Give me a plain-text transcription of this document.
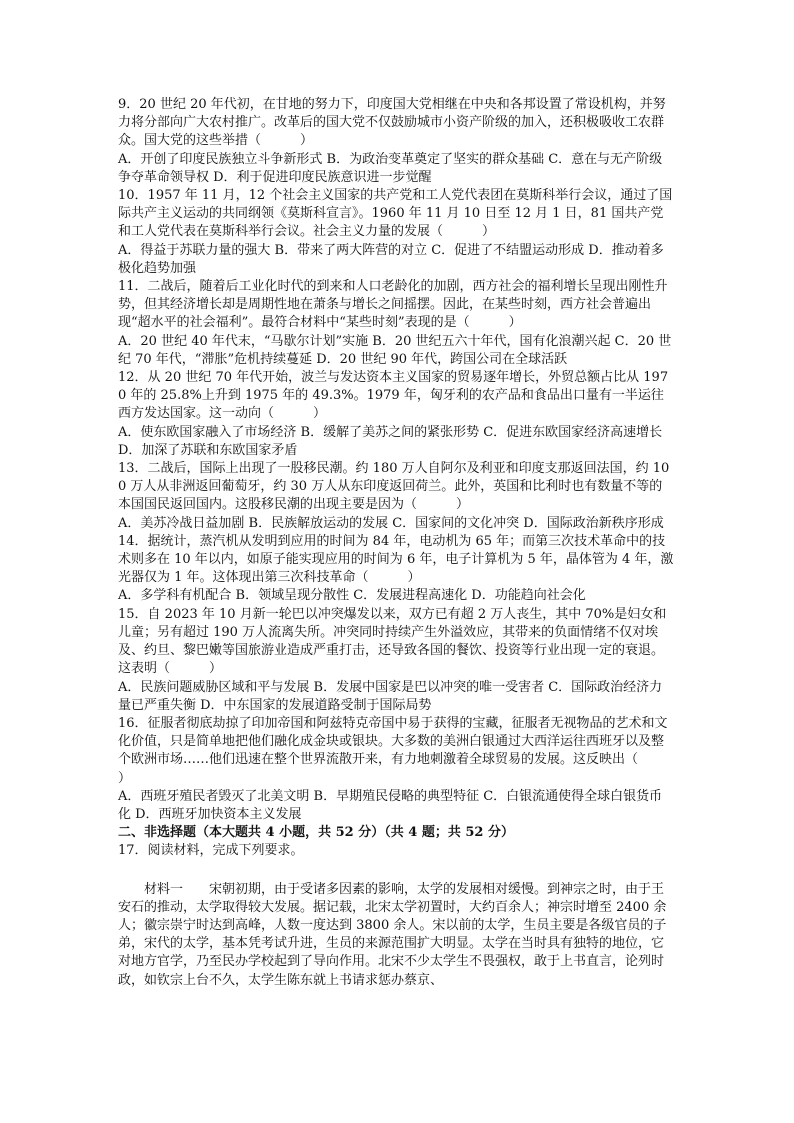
9．20 世纪 20 年代初，在甘地的努力下，印度国大党相继在中央和各邦设置了常设机构，并努力将分部向广大农村推广。改革后的国大党不仅鼓励城市小资产阶级的加入，还积极吸收工农群众。国大党的这些举措（　　　）

A．开创了印度民族独立斗争新形式 B．为政治变革奠定了坚实的群众基础 C．意在与无产阶级争夺革命领导权 D．利于促进印度民族意识进一步觉醒

10．1957 年 11 月，12 个社会主义国家的共产党和工人党代表团在莫斯科举行会议，通过了国际共产主义运动的共同纲领《莫斯科宣言》。1960 年 11 月 10 日至 12 月 1 日，81 国共产党和工人党代表在莫斯科举行会议。社会主义力量的发展（　　　）

A．得益于苏联力量的强大 B．带来了两大阵营的对立 C．促进了不结盟运动形成 D．推动着多极化趋势加强

11．二战后，随着后工业化时代的到来和人口老龄化的加剧，西方社会的福利增长呈现出刚性升势，但其经济增长却是周期性地在萧条与增长之间摇摆。因此，在某些时刻，西方社会普遍出现“超水平的社会福利”。最符合材料中“某些时刻”表现的是（　　　）

A．20 世纪 40 年代末，“马歇尔计划”实施 B．20 世纪五六十年代，国有化浪潮兴起 C．20 世纪 70 年代，“滞胀”危机持续蔓延 D．20 世纪 90 年代，跨国公司在全球活跃

12．从 20 世纪 70 年代开始，波兰与发达资本主义国家的贸易逐年增长，外贸总额占比从 1970 年的 25.8%上升到 1975 年的 49.3%。1979 年，匈牙利的农产品和食品出口量有一半运往西方发达国家。这一动向（　　　）

A．使东欧国家融入了市场经济 B．缓解了美苏之间的紧张形势 C．促进东欧国家经济高速增长 D．加深了苏联和东欧国家矛盾

13．二战后，国际上出现了一股移民潮。约 180 万人自阿尔及利亚和印度支那返回法国，约 100 万人从非洲返回葡萄牙，约 30 万人从东印度返回荷兰。此外，英国和比利时也有数量不等的本国国民返回国内。这股移民潮的出现主要是因为（　　　）

A．美苏冷战日益加剧 B．民族解放运动的发展 C．国家间的文化冲突 D．国际政治新秩序形成

14．据统计，蒸汽机从发明到应用的时间为 84 年，电动机为 65 年；而第三次技术革命中的技术则多在 10 年以内，如原子能实现应用的时间为 6 年，电子计算机为 5 年，晶体管为 4 年，激光器仅为 1 年。这体现出第三次科技革命（　　　）

A．多学科有机配合 B．领域呈现分散性 C．发展进程高速化 D．功能趋向社会化

15．自 2023 年 10 月新一轮巴以冲突爆发以来，双方已有超 2 万人丧生，其中 70%是妇女和儿童；另有超过 190 万人流离失所。冲突同时持续产生外溢效应，其带来的负面情绪不仅对埃及、约旦、黎巴嫩等国旅游业造成严重打击，还导致各国的餐饮、投资等行业出现一定的衰退。这表明（　　　）

A．民族问题威胁区域和平与发展 B．发展中国家是巴以冲突的唯一受害者 C．国际政治经济力量已严重失衡 D．中东国家的发展道路受制于国际局势

16．征服者彻底劫掠了印加帝国和阿兹特克帝国中易于获得的宝藏，征服者无视物品的艺术和文化价值，只是简单地把他们融化成金块或银块。大多数的美洲白银通过大西洋运往西班牙以及整个欧洲市场……他们迅速在整个世界流散开来，有力地刺激着全球贸易的发展。这反映出（　　　）

A．西班牙殖民者毁灭了北美文明 B．早期殖民侵略的典型特征 C．白银流通使得全球白银货币化 D．西班牙加快资本主义发展

二、非选择题（本大题共 4 小题，共 52 分）（共 4 题；共 52 分）

17．阅读材料，完成下列要求。

材料一　　宋朝初期，由于受诸多因素的影响，太学的发展相对缓慢。到神宗之时，由于王安石的推动，太学取得较大发展。据记载，北宋太学初置时，大约百余人；神宗时增至 2400 余人；徽宗崇宁时达到高峰，人数一度达到 3800 余人。宋以前的太学，生员主要是各级官员的子弟，宋代的太学，基本凭考试升进，生员的来源范围扩大明显。太学在当时具有独特的地位，它对地方官学，乃至民办学校起到了导向作用。北宋不少太学生不畏强权，敢于上书直言，论列时政，如钦宗上台不久，太学生陈东就上书请求惩办蔡京、
